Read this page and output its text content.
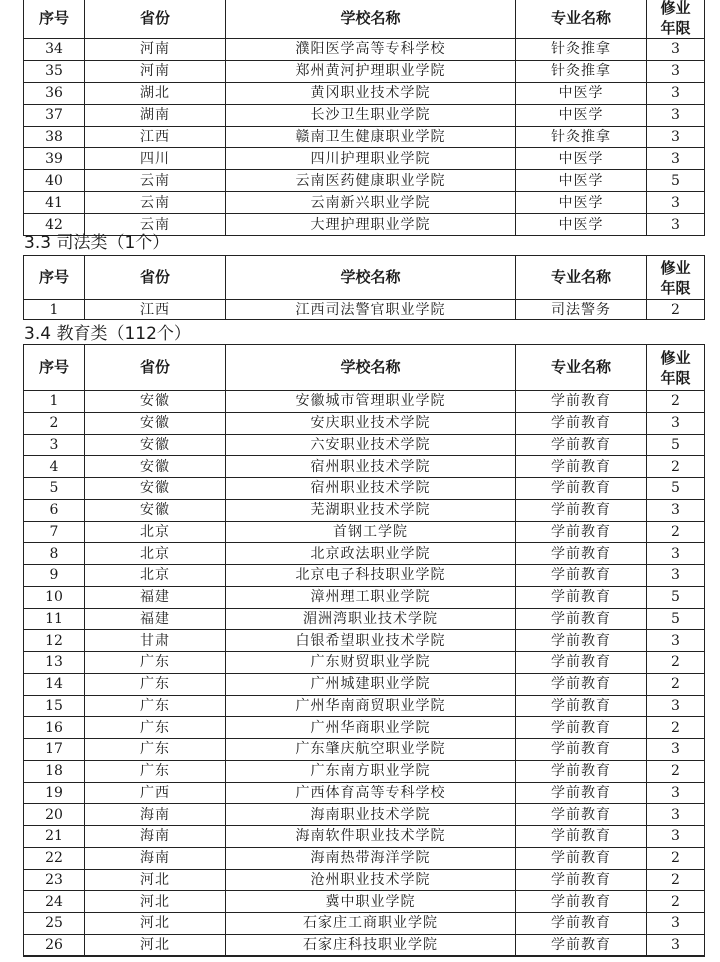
序号	省份	学校名称	专业名称	修业
年限

34	河南	濮阳医学高等专科学校	针灸推拿	3
35	河南	郑州黄河护理职业学院	针灸推拿	3
36	湖北	黄冈职业技术学院	中医学	3
37	湖南	长沙卫生职业学院	中医学	3
38	江西	赣南卫生健康职业学院	针灸推拿	3
39	四川	四川护理职业学院	中医学	3
40	云南	云南医药健康职业学院	中医学	5
41	云南	云南新兴职业学院	中医学	3
42	云南	大理护理职业学院	中医学	3
3.3 司法类（1个）
序号	省份	学校名称	专业名称	修业
年限

1	江西	江西司法警官职业学院	司法警务	2
3.4 教育类（112个）
序号	省份	学校名称	专业名称	修业
年限

1	安徽	安徽城市管理职业学院	学前教育	2
2	安徽	安庆职业技术学院	学前教育	3
3	安徽	六安职业技术学院	学前教育	5
4	安徽	宿州职业技术学院	学前教育	2
5	安徽	宿州职业技术学院	学前教育	5
6	安徽	芜湖职业技术学院	学前教育	3
7	北京	首钢工学院	学前教育	2
8	北京	北京政法职业学院	学前教育	3
9	北京	北京电子科技职业学院	学前教育	3
10	福建	漳州理工职业学院	学前教育	5
11	福建	湄洲湾职业技术学院	学前教育	5
12	甘肃	白银希望职业技术学院	学前教育	3
13	广东	广东财贸职业学院	学前教育	2
14	广东	广州城建职业学院	学前教育	2
15	广东	广州华南商贸职业学院	学前教育	3
16	广东	广州华商职业学院	学前教育	2
17	广东	广东肇庆航空职业学院	学前教育	3
18	广东	广东南方职业学院	学前教育	2
19	广西	广西体育高等专科学校	学前教育	3
20	海南	海南职业技术学院	学前教育	3
21	海南	海南软件职业技术学院	学前教育	3
22	海南	海南热带海洋学院	学前教育	2
23	河北	沧州职业技术学院	学前教育	2
24	河北	冀中职业学院	学前教育	2
25	河北	石家庄工商职业学院	学前教育	3
26	河北	石家庄科技职业学院	学前教育	3
